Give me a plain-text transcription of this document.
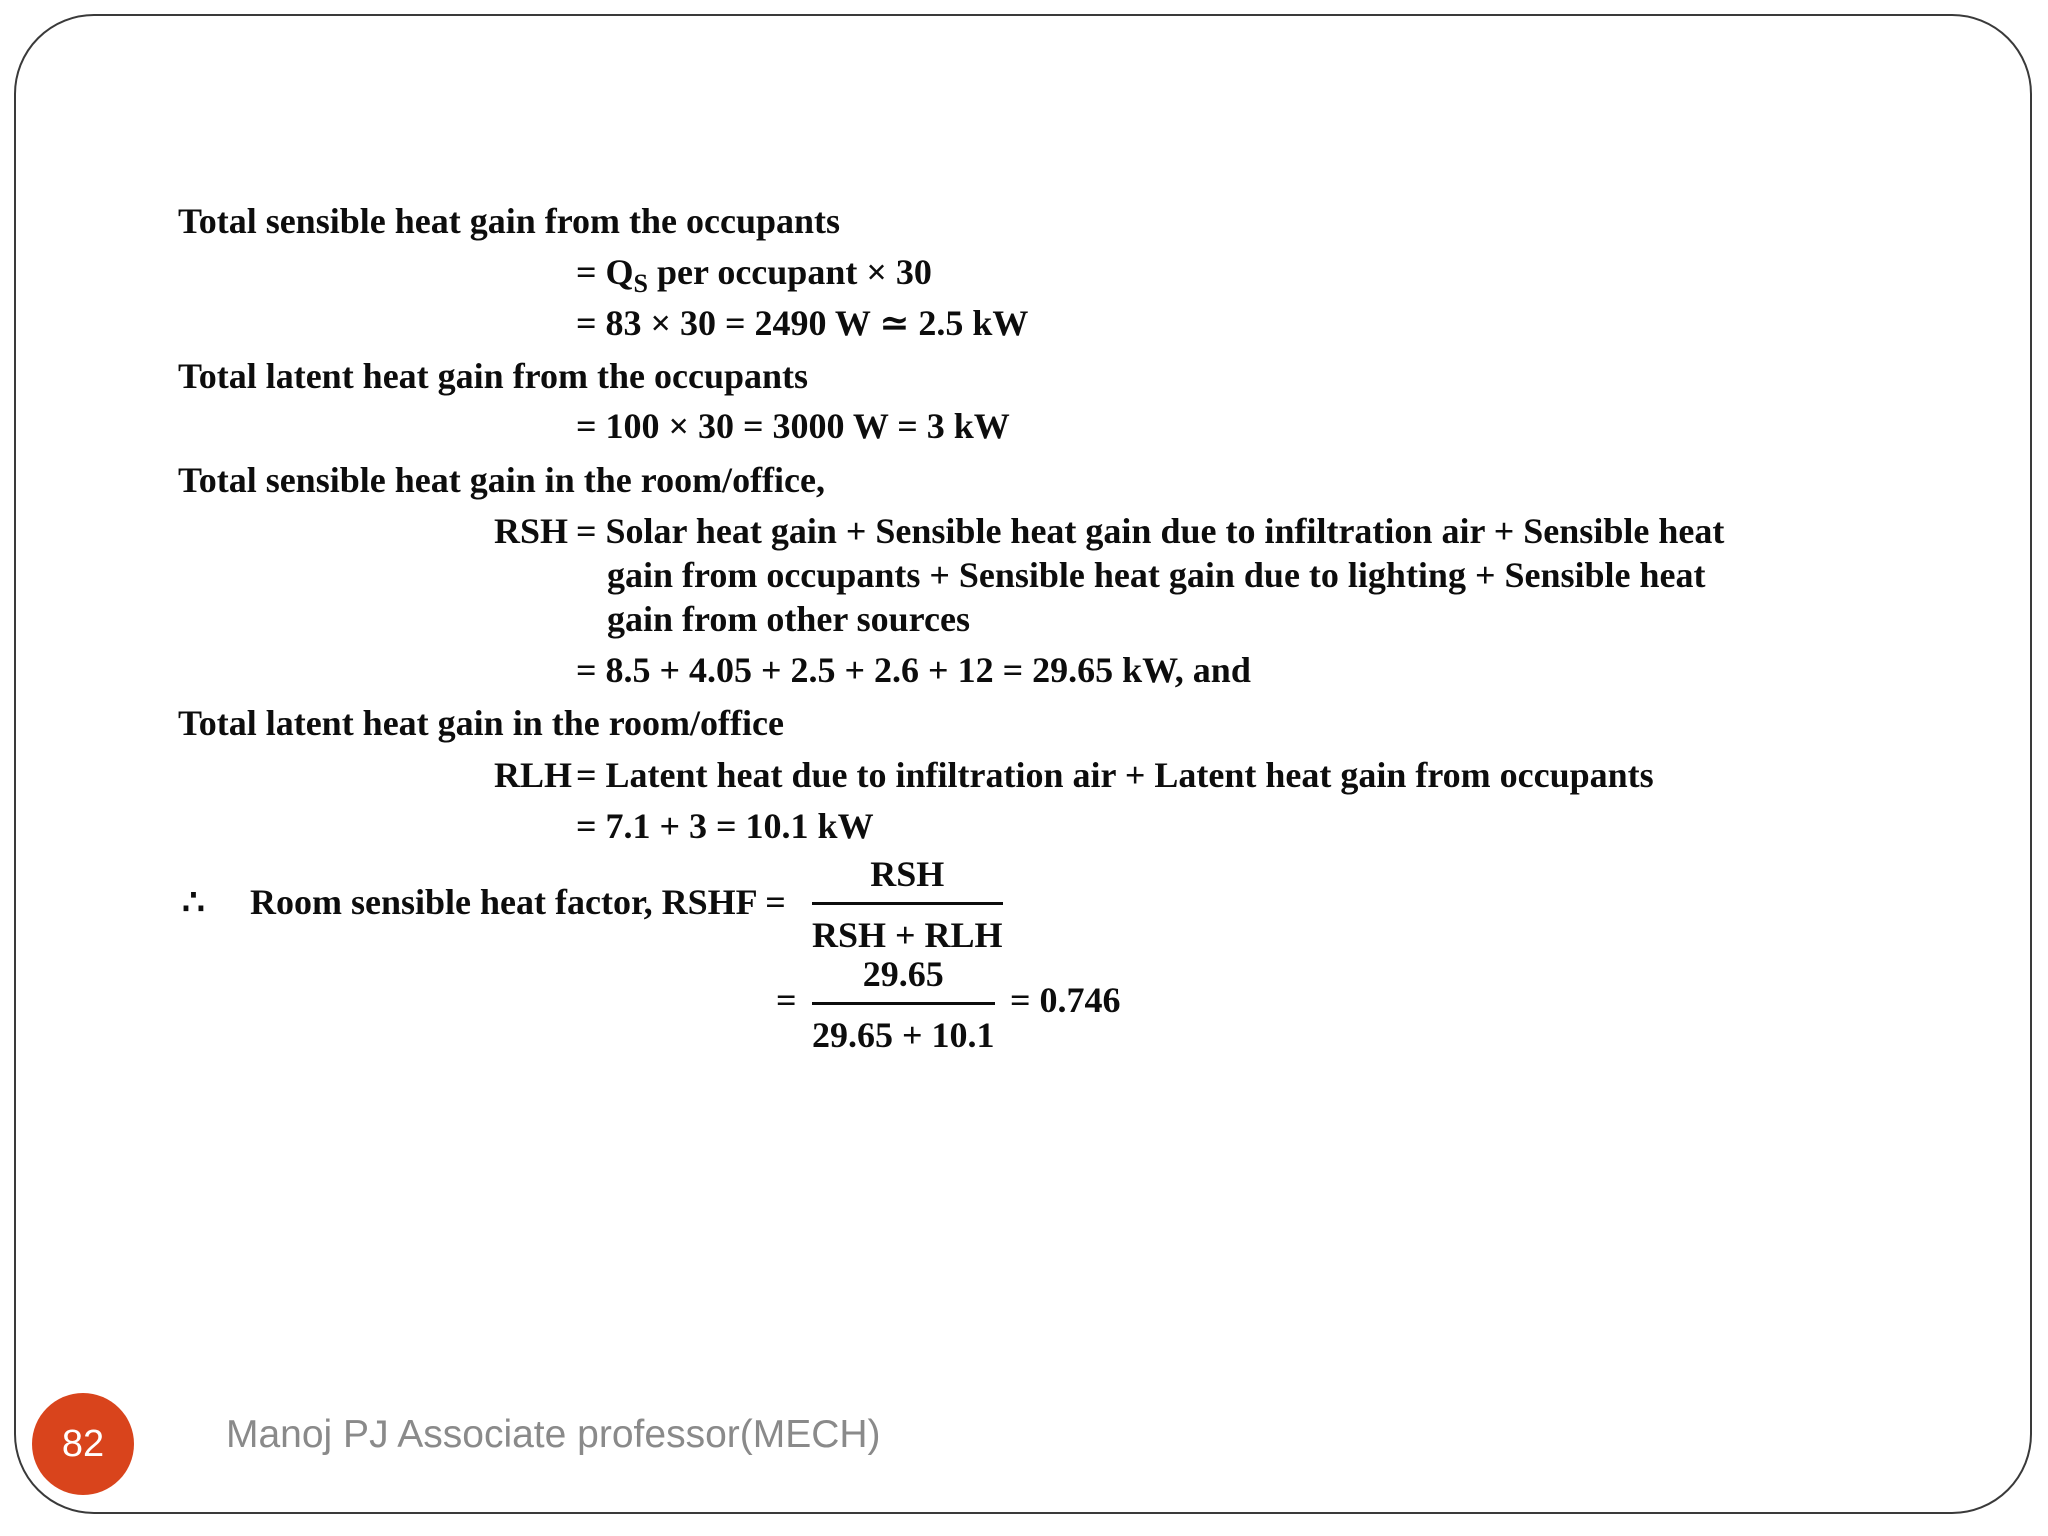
Total sensible heat gain from the occupants
= $Q_S$ per occupant × 30
= 83 × 30 = 2490 W ≃ 2.5 kW
Total latent heat gain from the occupants
= 100 × 30 = 3000 W = 3 kW
Total sensible heat gain in the room/office,
RSH = Solar heat gain + Sensible heat gain due to infiltration air + Sensible heat
gain from occupants + Sensible heat gain due to lighting + Sensible heat
gain from other sources
= 8.5 + 4.05 + 2.5 + 2.6 + 12 = 29.65 kW, and
Total latent heat gain in the room/office
RLH = Latent heat due to infiltration air + Latent heat gain from occupants
= 7.1 + 3 = 10.1 kW
∴ Room sensible heat factor, RSHF =
RSH
RSH + RLH
=
29.65
29.65 + 10.1
= 0.746
82	Manoj PJ Associate professor(MECH)
